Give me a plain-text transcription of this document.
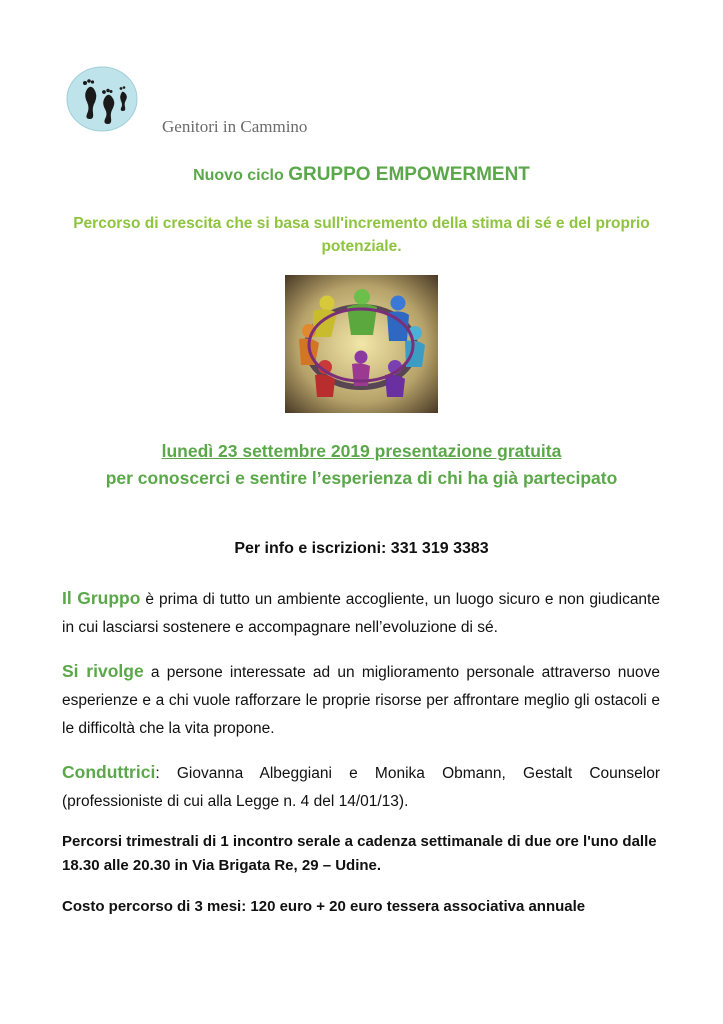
Genitori in Cammino
Nuovo ciclo GRUPPO EMPOWERMENT
Percorso di crescita che si basa sull'incremento della stima di sé e del proprio potenziale.
lunedì 23 settembre 2019 presentazione gratuita
per conoscerci e sentire l’esperienza di chi ha già partecipato
Per info e iscrizioni: 331 319 3383
Il Gruppo è prima di tutto un ambiente accogliente, un luogo sicuro e non giudicante in cui lasciarsi sostenere e accompagnare nell’evoluzione di sé.
Si rivolge a persone interessate ad un miglioramento personale attraverso nuove esperienze e a chi vuole rafforzare le proprie risorse per affrontare meglio gli ostacoli e le difficoltà che la vita propone.
Conduttrici: Giovanna Albeggiani e Monika Obmann, Gestalt Counselor (professioniste di cui alla Legge n. 4 del 14/01/13).
Percorsi trimestrali di 1 incontro serale a cadenza settimanale di due ore l'uno dalle 18.30 alle 20.30 in Via Brigata Re, 29 – Udine.
Costo percorso di 3 mesi: 120 euro + 20 euro tessera associativa annuale
